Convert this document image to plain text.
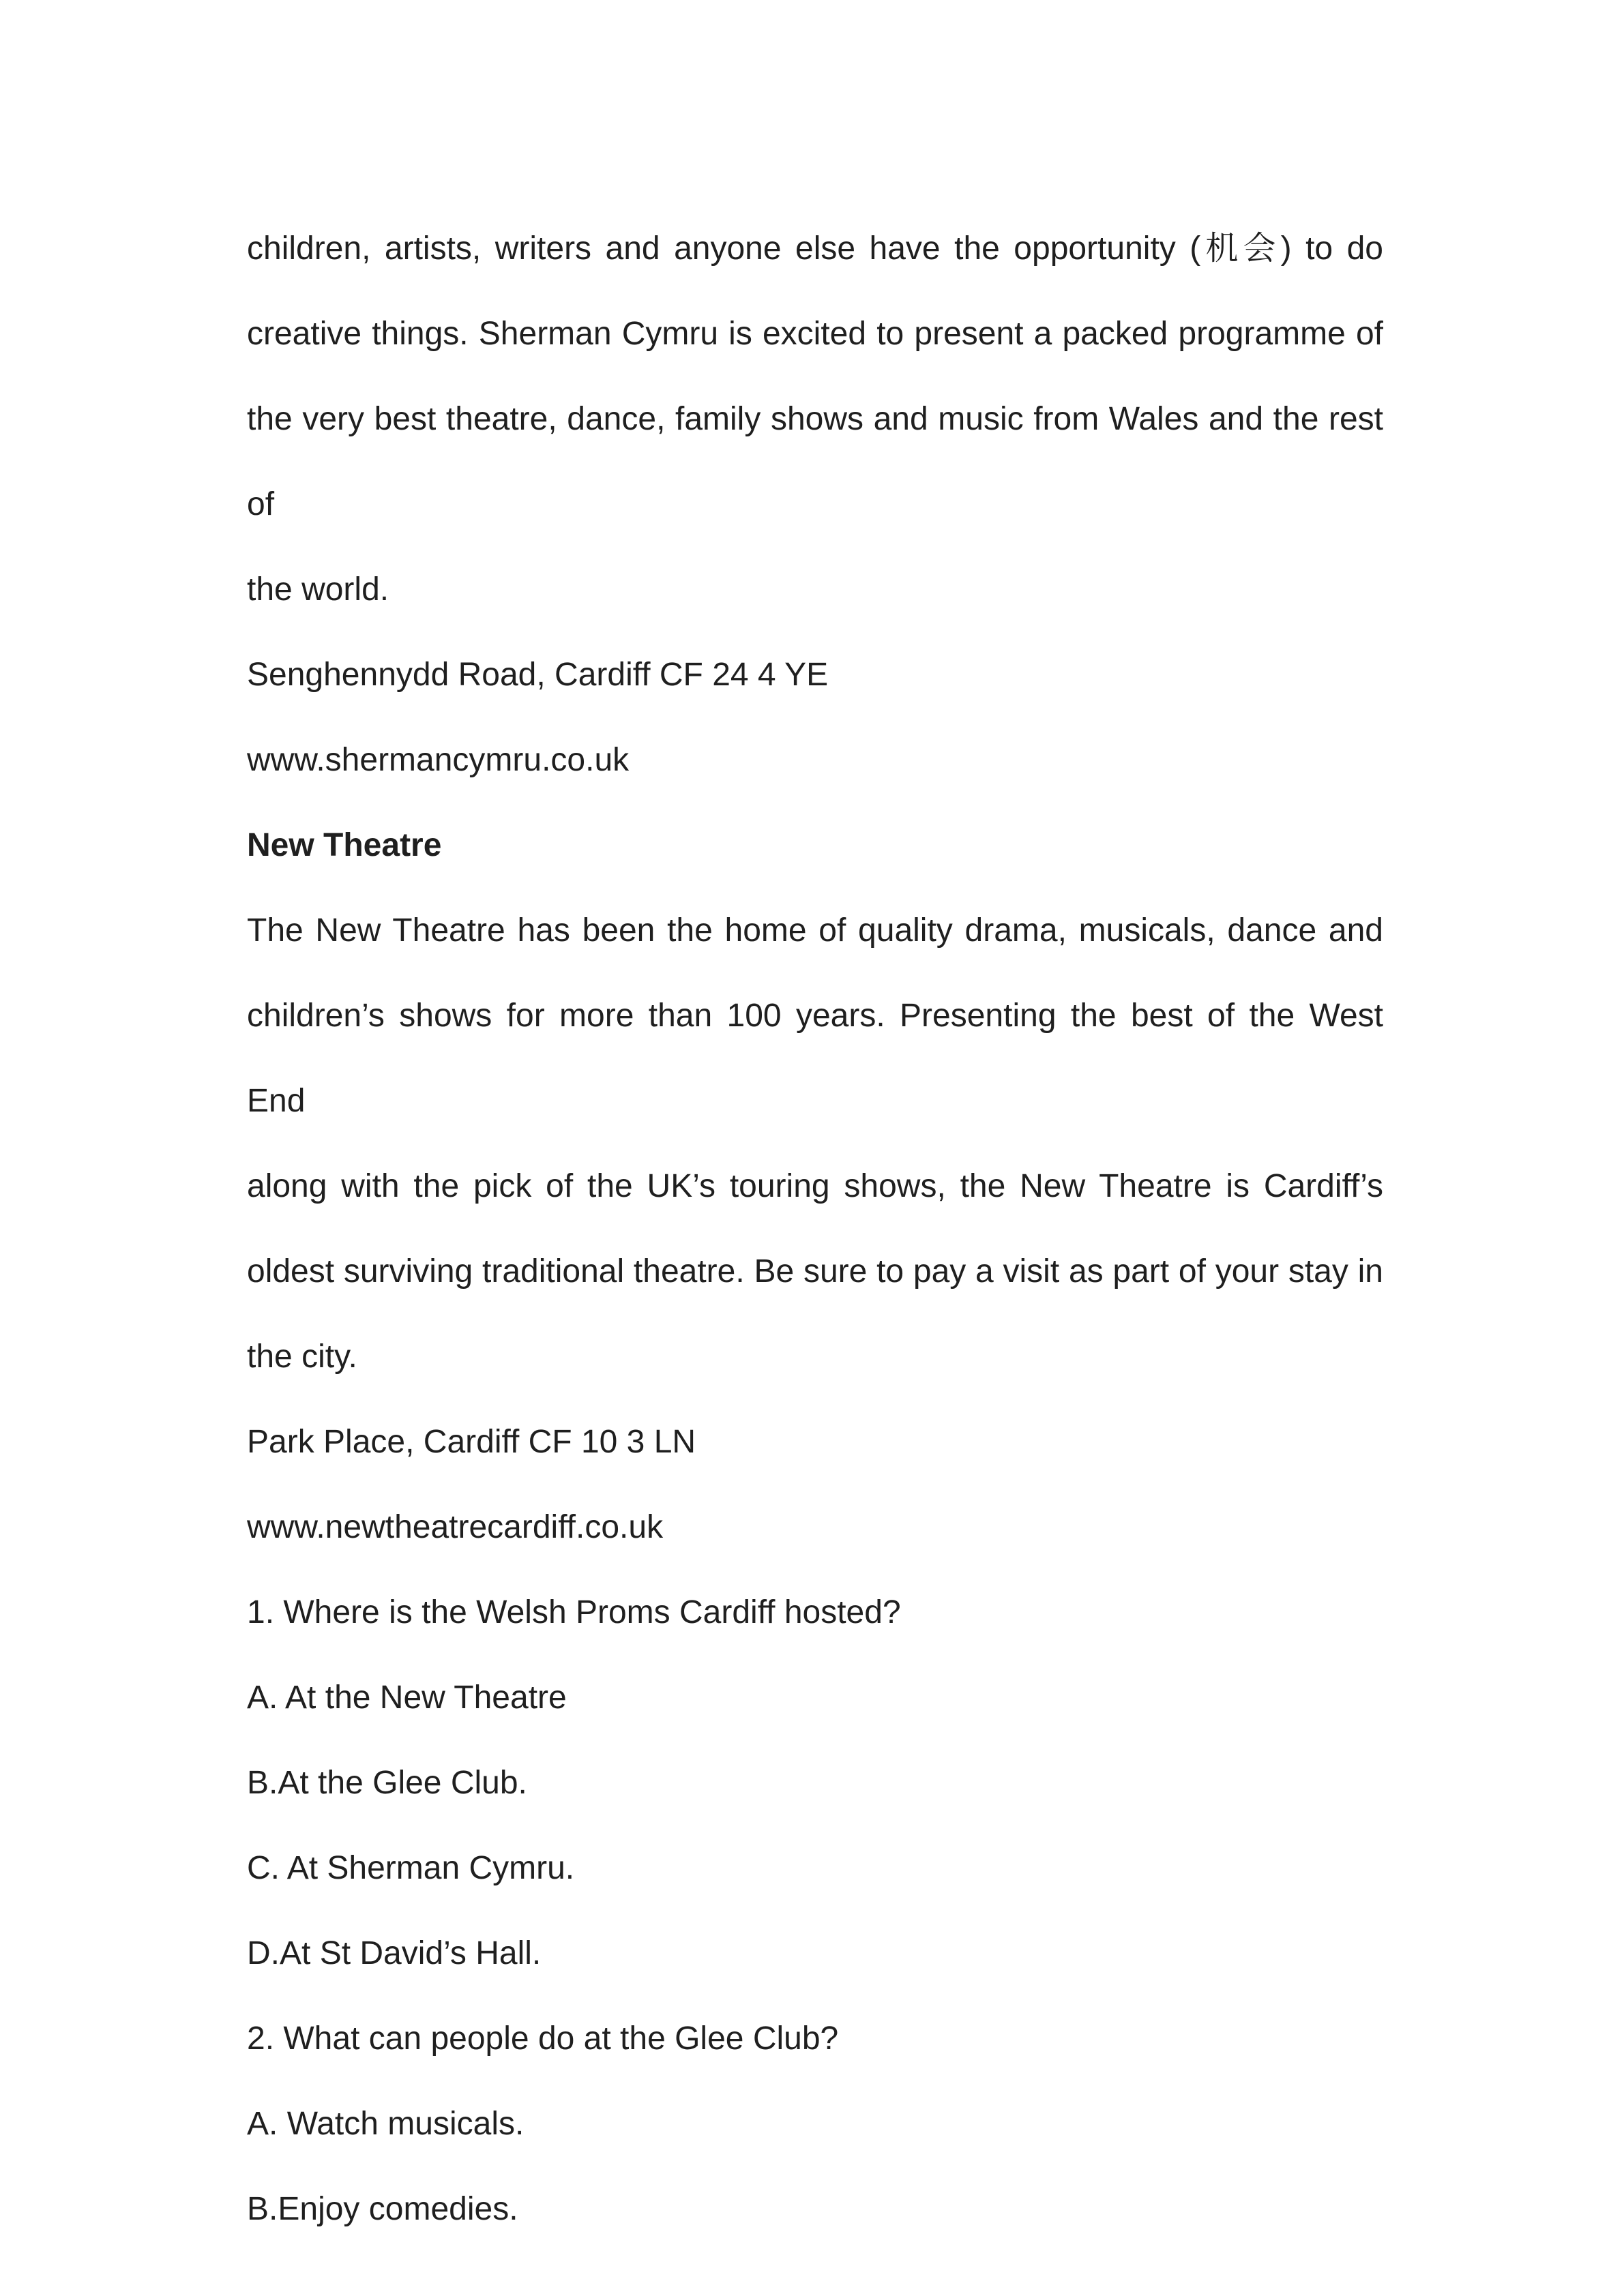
children, artists, writers and anyone else have the opportunity (机会) to do

creative things. Sherman Cymru is excited to present a packed programme of

the very best theatre, dance, family shows and music from Wales and the rest of

the world.

Senghennydd Road, Cardiff CF 24 4 YE

www.shermancymru.co.uk

New Theatre

The New Theatre has been the home of quality drama, musicals, dance and

children’s shows for more than 100 years. Presenting the best of the West End

along with the pick of the UK’s touring shows, the New Theatre is Cardiff’s

oldest surviving traditional theatre. Be sure to pay a visit as part of your stay in

the city.

Park Place, Cardiff CF 10 3 LN

www.newtheatrecardiff.co.uk

1. Where is the Welsh Proms Cardiff hosted?

A. At the New Theatre

B.At the Glee Club.

C. At Sherman Cymru.

D.At St David’s Hall.

2. What can people do at the Glee Club?

A. Watch musicals.

B.Enjoy comedies.
